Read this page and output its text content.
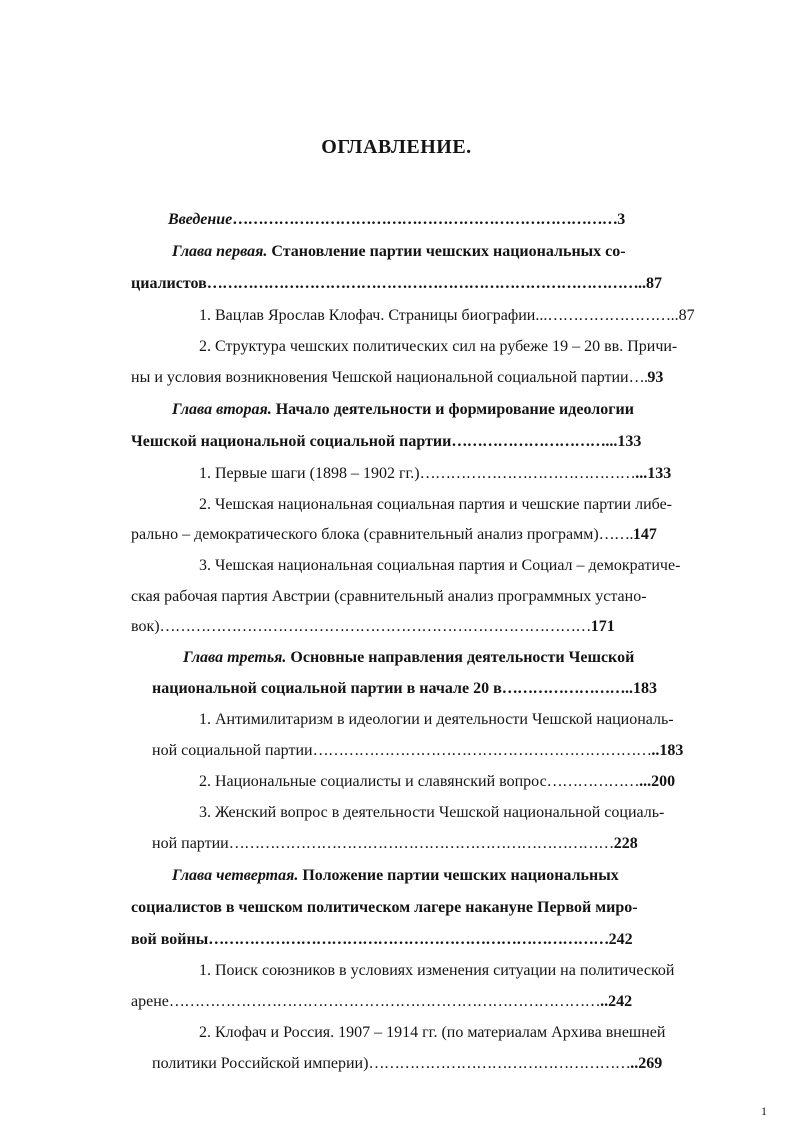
ОГЛАВЛЕНИЕ.
Введение…………………………………………………………………3
Глава первая. Становление партии чешских национальных со-
циалистов…………………………………………………………………………..87
1. Вацлав Ярослав Клофач. Страницы биографии...……………………..87
2. Структура чешских политических сил на рубеже 19 – 20 вв. Причи-
ны и условия возникновения Чешской национальной социальной партии….93
Глава вторая. Начало деятельности и формирование идеологии
Чешской национальной социальной партии…………………………...133
1. Первые шаги (1898 – 1902 гг.)……………………………………...133
2. Чешская национальная социальная партия и чешские партии либе-
рально – демократического блока (сравнительный анализ программ)…….147
3. Чешская национальная социальная партия и Социал – демократиче-
ская рабочая партия Австрии (сравнительный анализ программных устано-
вок)…………………………………………………………………………171
Глава третья. Основные направления деятельности Чешской
национальной социальной партии в начале 20 в……………………..183
1. Антимилитаризм в идеологии и деятельности Чешской националь-
ной социальной партии…………………………………………………………..183
2. Национальные социалисты и славянский вопрос………………...200
3. Женский вопрос в деятельности Чешской национальной социаль-
ной партии…………………………………………………………………228
Глава четвертая. Положение партии чешских национальных
социалистов в чешском политическом лагере накануне Первой миро-
вой войны……………………………………………………………………242
1. Поиск союзников в условиях изменения ситуации на политической
арене…………………………………………………………………………..242
2. Клофач и Россия. 1907 – 1914 гг. (по материалам Архива внешней
политики Российской империи)……………………………………………..269
1
